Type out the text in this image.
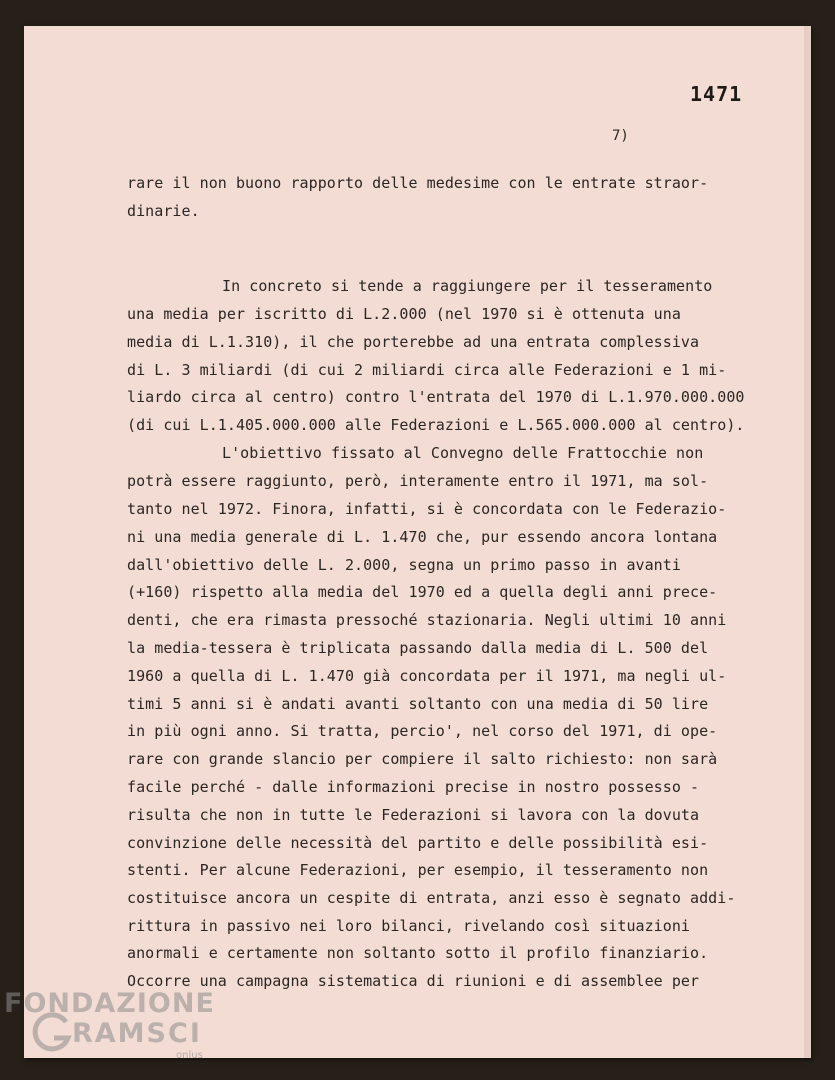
1471
7)
rare il non buono rapporto delle medesime con le entrate straor-
dinarie.
In concreto si tende a raggiungere per il tesseramento
una media per iscritto di L.2.000 (nel 1970 si è ottenuta una
media di L.1.310), il che porterebbe ad una entrata complessiva
di L. 3 miliardi (di cui 2 miliardi circa alle Federazioni e 1 mi-
liardo circa al centro) contro l'entrata del 1970 di L.1.970.000.000
(di cui L.1.405.000.000 alle Federazioni e L.565.000.000 al centro).
L'obiettivo fissato al Convegno delle Frattocchie non
potrà essere raggiunto, però, interamente entro il 1971, ma sol-
tanto nel 1972. Finora, infatti, si è concordata con le Federazio-
ni una media generale di L. 1.470 che, pur essendo ancora lontana
dall'obiettivo delle L. 2.000, segna un primo passo in avanti
(+160) rispetto alla media del 1970 ed a quella degli anni prece-
denti, che era rimasta pressoché stazionaria. Negli ultimi 10 anni
la media-tessera è triplicata passando dalla media di L. 500 del
1960 a quella di L. 1.470 già concordata per il 1971, ma negli ul-
timi 5 anni si è andati avanti soltanto con una media di 50 lire
in più ogni anno. Si tratta, percio', nel corso del 1971, di ope-
rare con grande slancio per compiere il salto richiesto: non sarà
facile perché - dalle informazioni precise in nostro possesso -
risulta che non in tutte le Federazioni si lavora con la dovuta
convinzione delle necessità del partito e delle possibilità esi-
stenti. Per alcune Federazioni, per esempio, il tesseramento non
costituisce ancora un cespite di entrata, anzi esso è segnato addi-
rittura in passivo nei loro bilanci, rivelando così situazioni
anormali e certamente non soltanto sotto il profilo finanziario.
Occorre una campagna sistematica di riunioni e di assemblee per
FONDAZIONE
RAMSCI
onlus
